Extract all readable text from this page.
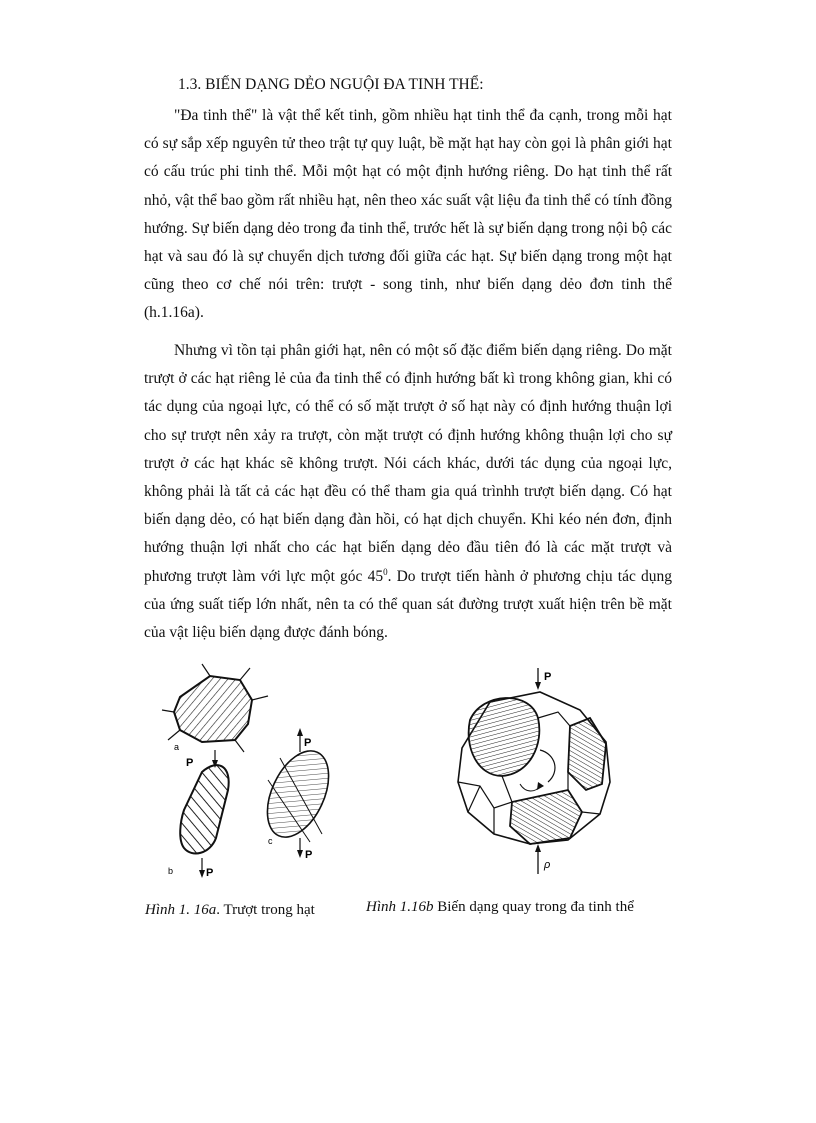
1.3. BIẾN DẠNG DẺO NGUỘI ĐA TINH THỂ:

"Đa tinh thể" là vật thể kết tinh, gồm nhiều hạt tinh thể đa cạnh, trong mỗi hạt có sự sắp xếp nguyên tử theo trật tự quy luật, bề mặt hạt hay còn gọi là phân giới hạt có cấu trúc phi tinh thể. Mỗi một hạt có một định hướng riêng. Do hạt tinh thể rất nhỏ, vật thể bao gồm rất nhiều hạt, nên theo xác suất vật liệu đa tinh thể có tính đồng hướng. Sự biến dạng dẻo trong đa tinh thể, trước hết là sự biến dạng trong nội bộ các hạt và sau đó là sự chuyển dịch tương đối giữa các hạt. Sự biến dạng trong một hạt cũng theo cơ chế nói trên: trượt - song tinh, như biến dạng dẻo đơn tinh thể (h.1.16a).

Nhưng vì tồn tại phân giới hạt, nên có một số đặc điểm biến dạng riêng. Do mặt trượt ở các hạt riêng lẻ của đa tinh thể có định hướng bất kì trong không gian, khi có tác dụng của ngoại lực, có thể có số mặt trượt ở số hạt này có định hướng thuận lợi cho sự trượt nên xảy ra trượt, còn mặt trượt có định hướng không thuận lợi cho sự trượt ở các hạt khác sẽ không trượt. Nói cách khác, dưới tác dụng của ngoại lực, không phải là tất cả các hạt đều có thể tham gia quá trìnhh trượt biến dạng. Có hạt biến dạng dẻo, có hạt biến dạng đàn hồi, có hạt dịch chuyển. Khi kéo nén đơn, định hướng thuận lợi nhất cho các hạt biến dạng dẻo đầu tiên đó là các mặt trượt và phương trượt làm với lực một góc $45^0$. Do trượt tiến hành ở phương chịu tác dụng của ứng suất tiếp lớn nhất, nên ta có thể quan sát đường trượt xuất hiện trên bề mặt của vật liệu biến dạng được đánh bóng.

a
P
P
b
P
P
c
P
ρ
Hình 1. 16a. Trượt trong hạt	Hình 1.16b Biến dạng quay trong đa tinh thể
